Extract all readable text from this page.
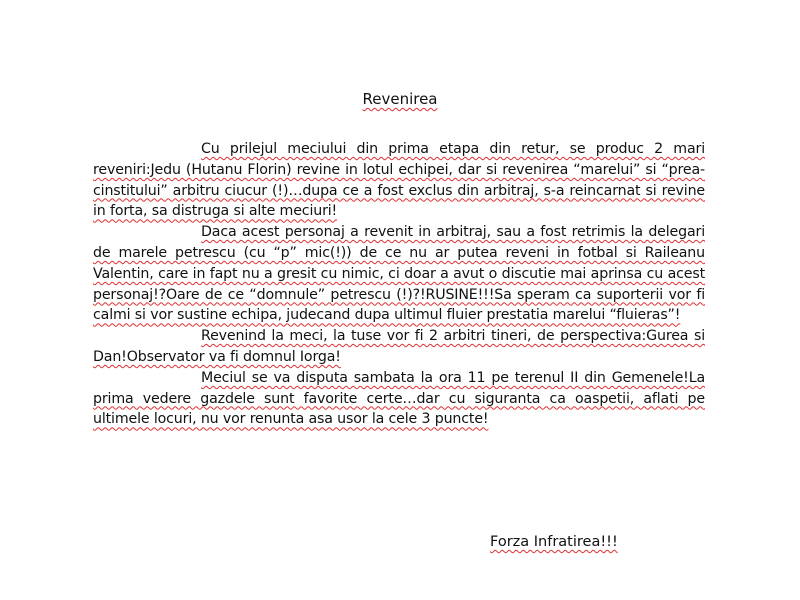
Revenirea

Cu prilejul meciului din prima etapa din retur, se produc 2 mari reveniri:Jedu (Hutanu Florin) revine in lotul echipei, dar si revenirea “marelui” si “prea-cinstitului” arbitru ciucur (!)…dupa ce a fost exclus din arbitraj, s-a reincarnat si revine in forta, sa distruga si alte meciuri!

Daca acest personaj a revenit in arbitraj, sau a fost retrimis la delegari de marele petrescu (cu “p” mic(!)) de ce nu ar putea reveni in fotbal si Raileanu Valentin, care in fapt nu a gresit cu nimic, ci doar a avut o discutie mai aprinsa cu acest personaj!?Oare de ce “domnule” petrescu (!)?!RUSINE!!!Sa speram ca suporterii vor fi calmi si vor sustine echipa, judecand dupa ultimul fluier prestatia marelui “fluieras”!

Revenind la meci, la tuse vor fi 2 arbitri tineri, de perspectiva:Gurea si Dan!Observator va fi domnul Iorga!

Meciul se va disputa sambata la ora 11 pe terenul II din Gemenele!La prima vedere gazdele sunt favorite certe…dar cu siguranta ca oaspetii, aflati pe ultimele locuri, nu vor renunta asa usor la cele 3 puncte!

Forza Infratirea!!!
